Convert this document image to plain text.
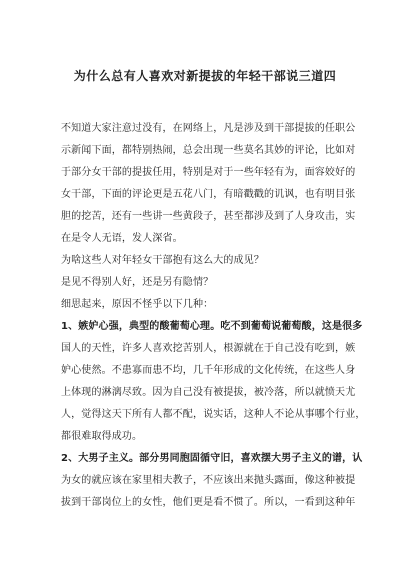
为什么总有人喜欢对新提拔的年轻干部说三道四
不知道大家注意过没有，在网络上，凡是涉及到干部提拔的任职公
示新闻下面，都特别热闹，总会出现一些莫名其妙的评论，比如对
于部分女干部的提拔任用，特别是对于一些年轻有为，面容姣好的
女干部，下面的评论更是五花八门，有暗戳戳的讥讽，也有明目张
胆的挖苦，还有一些讲一些黄段子，甚至都涉及到了人身攻击，实
在是令人无语，发人深省。
为啥这些人对年轻女干部抱有这么大的成见？
是见不得别人好，还是另有隐情？
细思起来，原因不怪乎以下几种：
1、嫉妒心强，典型的酸葡萄心理。吃不到葡萄说葡萄酸，这是很多
国人的天性，许多人喜欢挖苦别人，根源就在于自己没有吃到，嫉
妒心使然。不患寡而患不均，几千年形成的文化传统，在这些人身
上体现的淋漓尽致。因为自己没有被提拔，被冷落，所以就愤天尤
人，觉得这天下所有人都不配，说实话，这种人不论从事哪个行业，
都很难取得成功。
2、大男子主义。部分男同胞固循守旧，喜欢摆大男子主义的谱，认
为女的就应该在家里相夫教子，不应该出来抛头露面，像这种被提
拔到干部岗位上的女性，他们更是看不惯了。所以，一看到这种年
